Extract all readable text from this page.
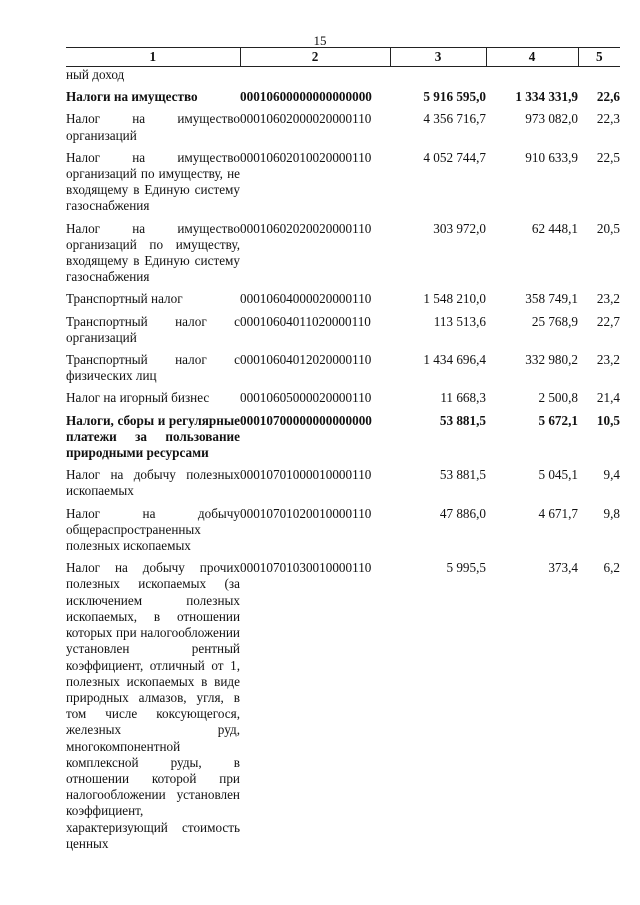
15
1	2	3	4	5
ный доход				
Налоги на имущество	00010600000000000000	5 916 595,0	1 334 331,9	22,6
Налог на имущество организаций	00010602000020000110	4 356 716,7	973 082,0	22,3
Налог на имущество организаций по имуществу, не входящему в Единую систему газоснабжения	00010602010020000110	4 052 744,7	910 633,9	22,5
Налог на имущество организаций по имуществу, входящему в Единую систему газоснабжения	00010602020020000110	303 972,0	62 448,1	20,5
Транспортный налог	00010604000020000110	1 548 210,0	358 749,1	23,2
Транспортный налог с организаций	00010604011020000110	113 513,6	25 768,9	22,7
Транспортный налог с физических лиц	00010604012020000110	1 434 696,4	332 980,2	23,2
Налог на игорный бизнес	00010605000020000110	11 668,3	2 500,8	21,4
Налоги, сборы и регулярные платежи за пользование природными ресурсами	00010700000000000000	53 881,5	5 672,1	10,5
Налог на добычу полезных ископаемых	00010701000010000110	53 881,5	5 045,1	9,4
Налог на добычу общераспространенных полезных ископаемых	00010701020010000110	47 886,0	4 671,7	9,8
Налог на добычу прочих полезных ископаемых (за исключением полезных ископаемых, в отношении которых при налогообложении установлен рентный коэффициент, отличный от 1, полезных ископаемых в виде природных алмазов, угля, в том числе коксующегося, железных руд, многокомпонентной комплексной руды, в отношении которой при налогообложении установлен коэффициент, характеризующий стоимость ценных	00010701030010000110	5 995,5	373,4	6,2
